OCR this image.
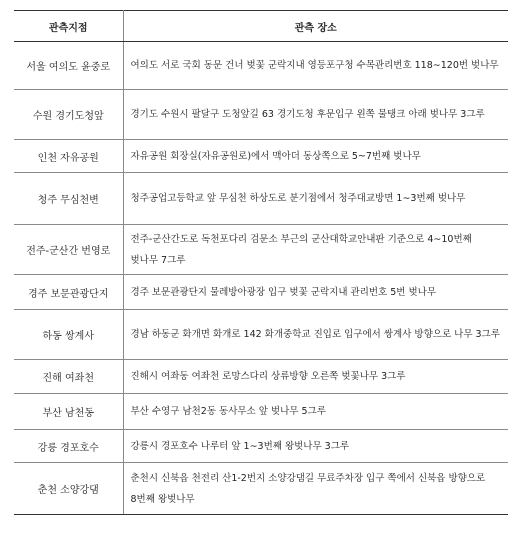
관측지점	관측 장소
서울 여의도 윤중로	여의도 서로 국회 동문 건너 벚꽃 군락지내 영등포구청 수목관리번호 118∼120번 벚나무
수원 경기도청앞	경기도 수원시 팔달구 도청앞길 63 경기도청 후문입구 왼쪽 물탱크 아래 벚나무 3그루
인천 자유공원	자유공원 회장실(자유공원로)에서 맥아더 동상쪽으로 5~7번째 벚나무
청주 무심천변	청주공업고등학교 앞 무심천 하상도로 분기점에서 청주대교방면 1∼3번째 벚나무
전주-군산간 번영로	전주-군산간도로 독천포다리 검문소 부근의 군산대학교안내판 기준으로 4∼10번째 벚나무 7그루
경주 보문관광단지	경주 보문관광단지 물레방아광장 입구 벚꽃 군락지내 관리번호 5번 벚나무
하동 쌍계사	경남 하동군 화개면 화개로 142 화개중학교 진입로 입구에서 쌍계사 방향으로 나무 3그루
진해 여좌천	진해시 여좌동 여좌천 로망스다리 상류방향 오른쪽 벚꽃나무 3그루
부산 남천동	부산 수영구 남천2동 동사무소 앞 벚나무 5그루
강릉 경포호수	강릉시 경포호수 나루터 앞 1∼3번째 왕벚나무 3그루
춘천 소양강댐	춘천시 신북읍 천전리 산1-2번지 소양강댐길 무료주차장 입구 쪽에서 신북읍 방향으로 8번째 왕벚나무
